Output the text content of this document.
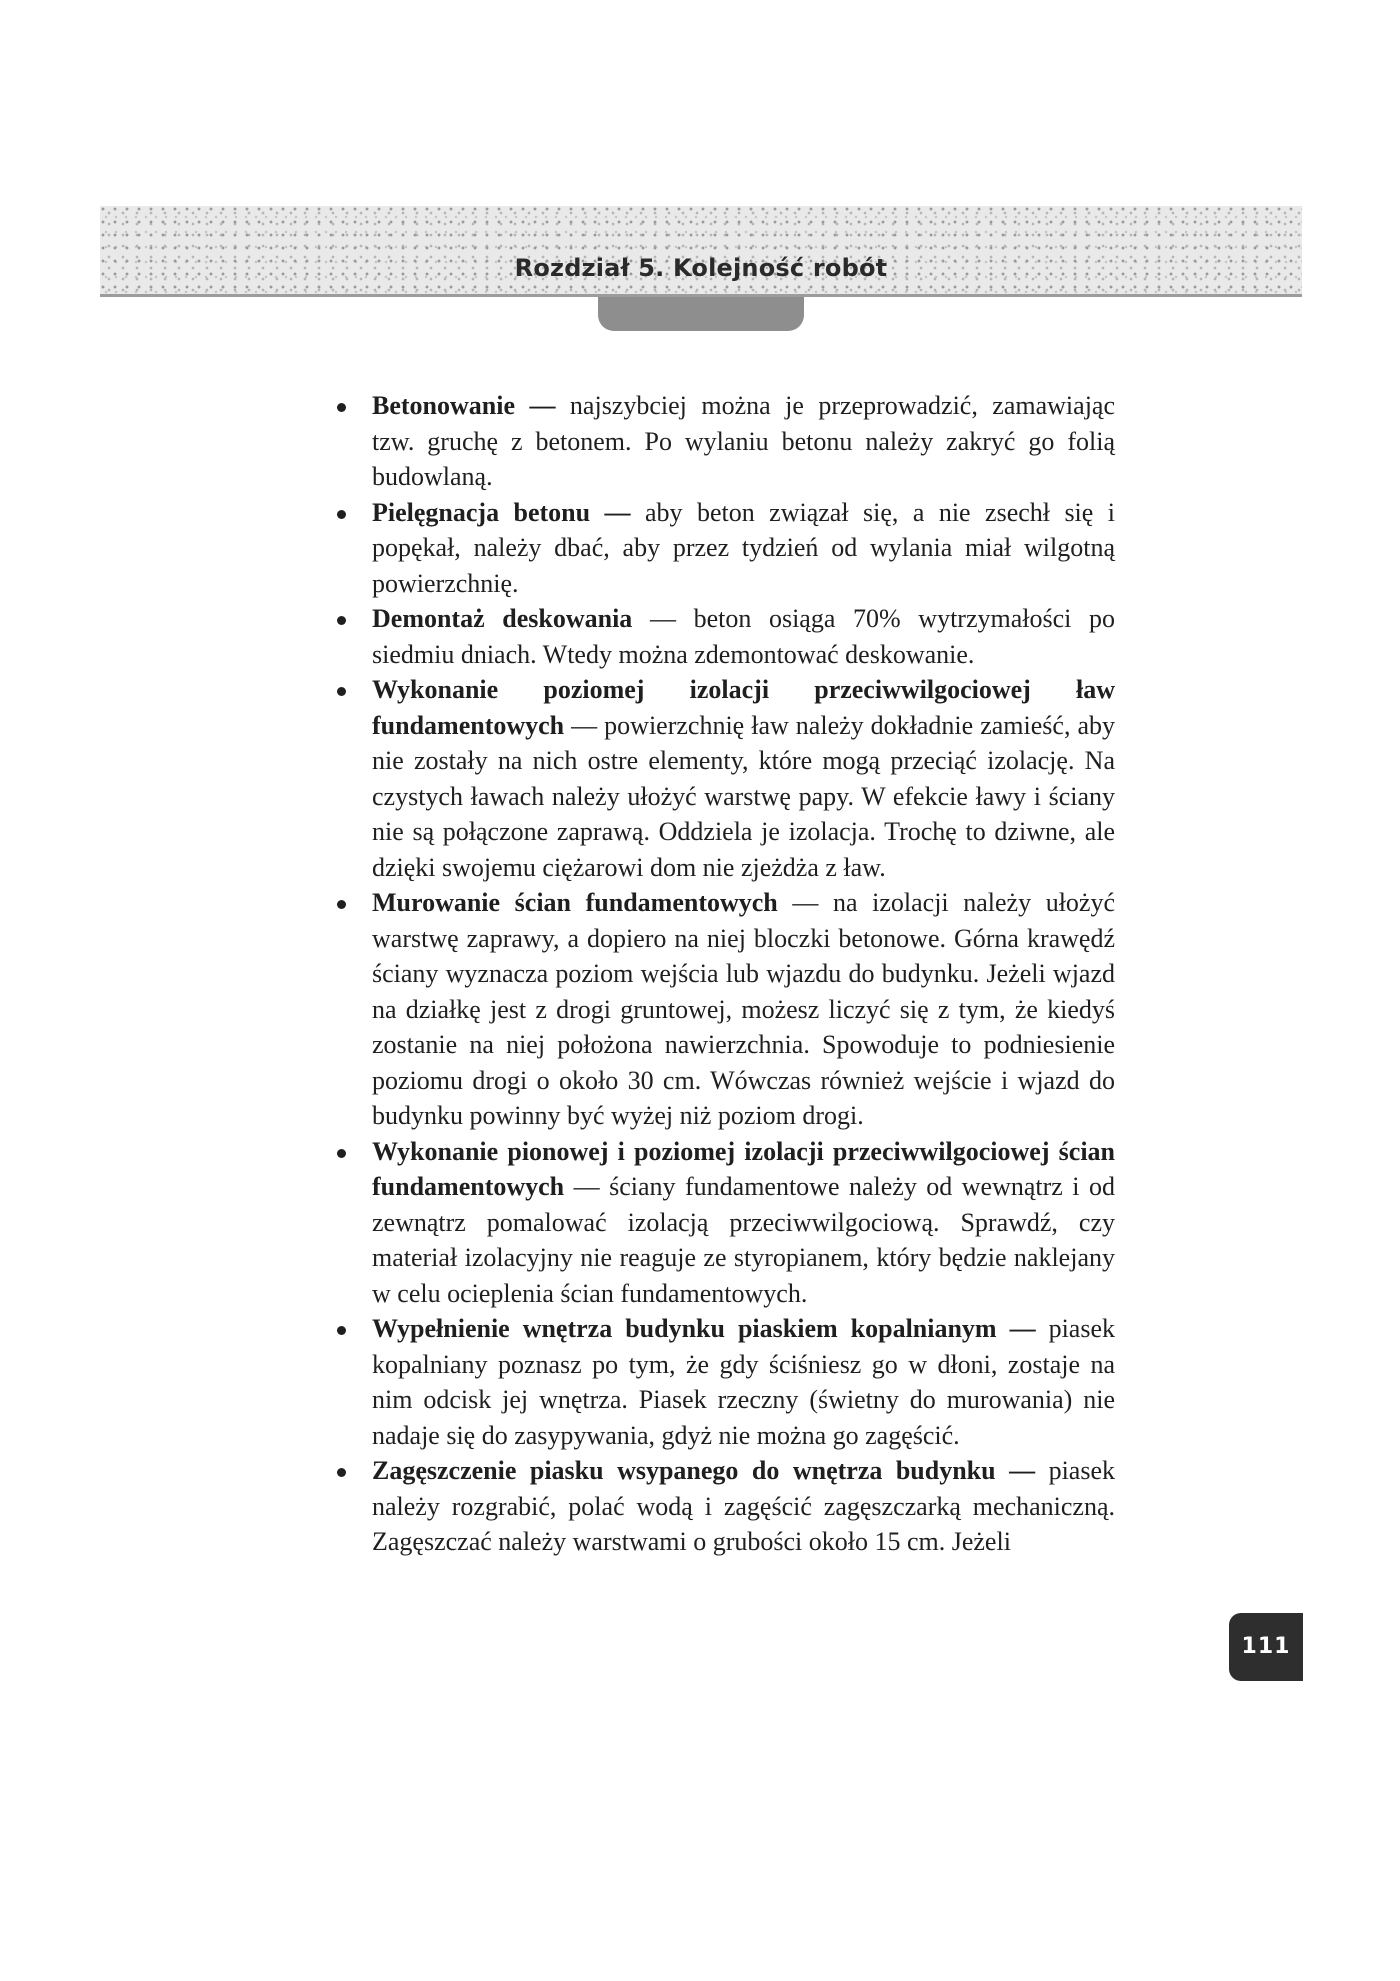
Rozdział 5. Kolejność robót
Betonowanie — najszybciej można je przeprowadzić, zamawiając tzw. gruchę z betonem. Po wylaniu betonu należy zakryć go folią budowlaną.
Pielęgnacja betonu — aby beton związał się, a nie zsechł się i popękał, należy dbać, aby przez tydzień od wylania miał wilgotną powierzchnię.
Demontaż deskowania — beton osiąga 70% wytrzymałości po siedmiu dniach. Wtedy można zdemontować deskowanie.
Wykonanie poziomej izolacji przeciwwilgociowej ław fundamentowych — powierzchnię ław należy dokładnie zamieść, aby nie zostały na nich ostre elementy, które mogą przeciąć izolację. Na czystych ławach należy ułożyć warstwę papy. W efekcie ławy i ściany nie są połączone zaprawą. Oddziela je izolacja. Trochę to dziwne, ale dzięki swojemu ciężarowi dom nie zjeżdża z ław.
Murowanie ścian fundamentowych — na izolacji należy ułożyć warstwę zaprawy, a dopiero na niej bloczki betonowe. Górna krawędź ściany wyznacza poziom wejścia lub wjazdu do budynku. Jeżeli wjazd na działkę jest z drogi gruntowej, możesz liczyć się z tym, że kiedyś zostanie na niej położona nawierzchnia. Spowoduje to podniesienie poziomu drogi o około 30 cm. Wówczas również wejście i wjazd do budynku powinny być wyżej niż poziom drogi.
Wykonanie pionowej i poziomej izolacji przeciwwilgociowej ścian fundamentowych — ściany fundamentowe należy od wewnątrz i od zewnątrz pomalować izolacją przeciwwilgociową. Sprawdź, czy materiał izolacyjny nie reaguje ze styropianem, który będzie naklejany w celu ocieplenia ścian fundamentowych.
Wypełnienie wnętrza budynku piaskiem kopalnianym — piasek kopalniany poznasz po tym, że gdy ściśniesz go w dłoni, zostaje na nim odcisk jej wnętrza. Piasek rzeczny (świetny do murowania) nie nadaje się do zasypywania, gdyż nie można go zagęścić.
Zagęszczenie piasku wsypanego do wnętrza budynku — piasek należy rozgrabić, polać wodą i zagęścić zagęszczarką mechaniczną. Zagęszczać należy warstwami o grubości około 15 cm. Jeżeli
111
